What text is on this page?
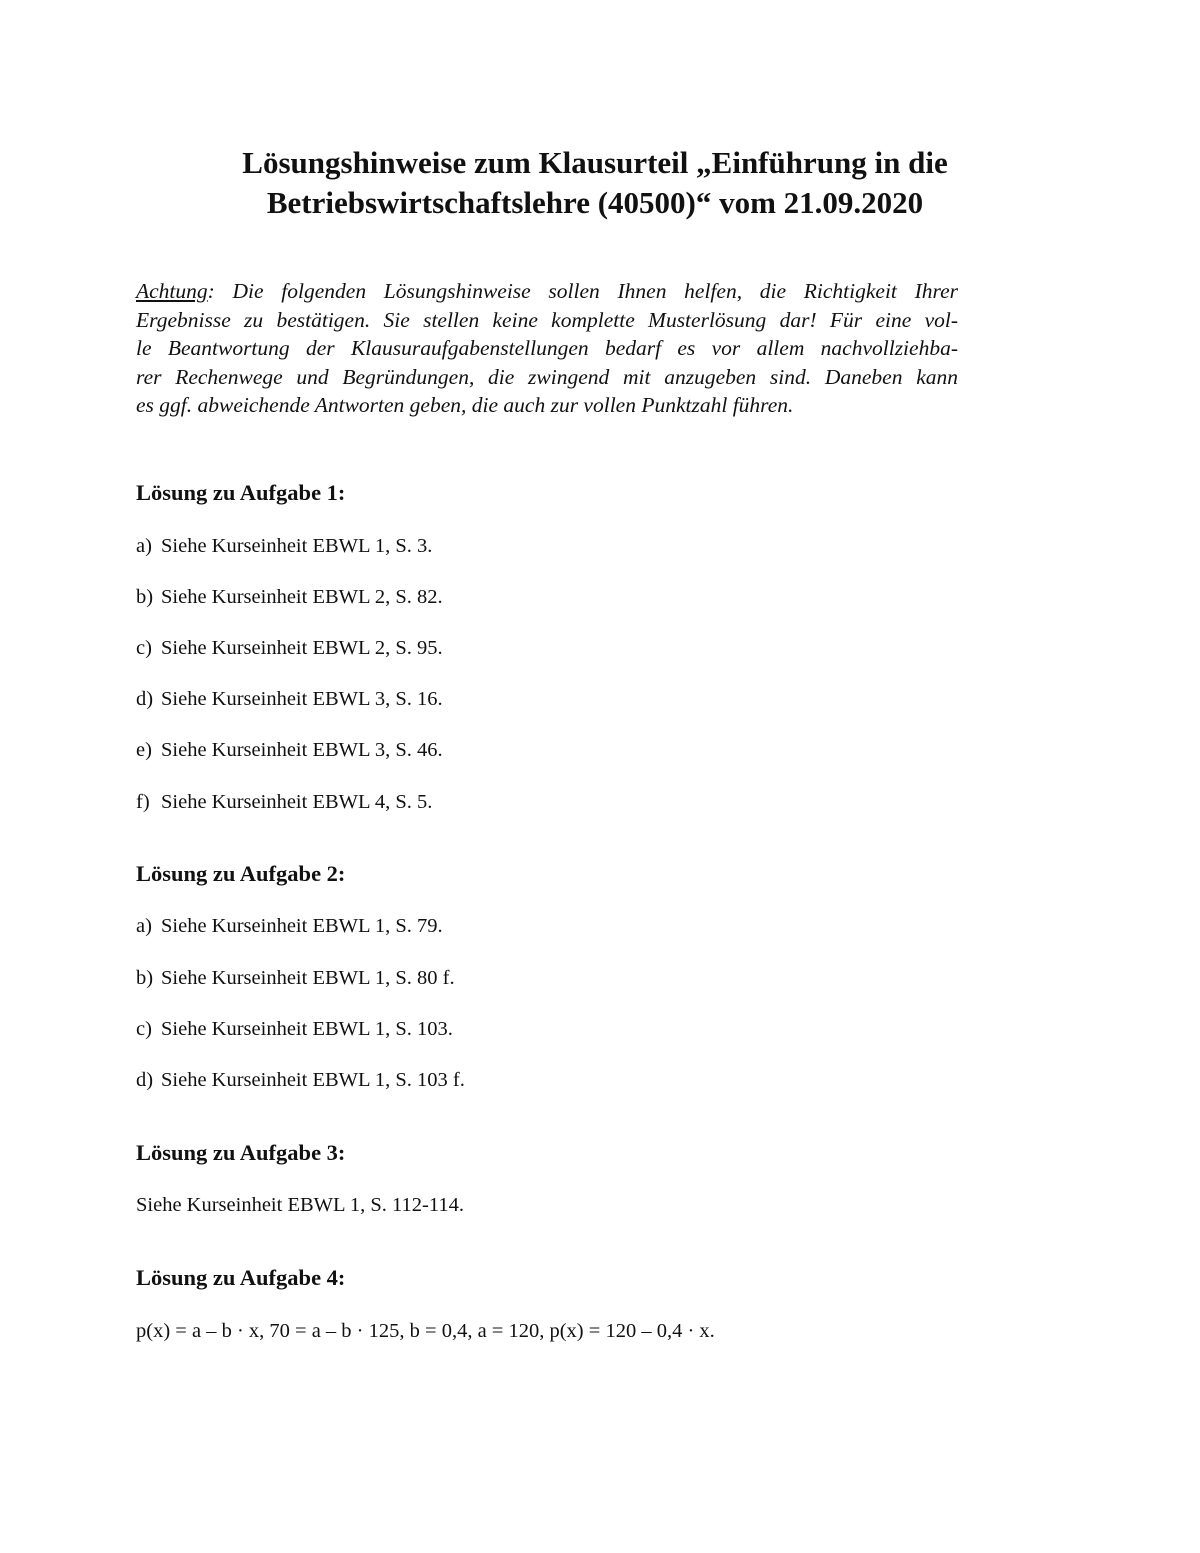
Lösungshinweise zum Klausurteil „Einführung in die
Betriebswirtschaftslehre (40500)“ vom 21.09.2020

Achtung: Die folgenden Lösungshinweise sollen Ihnen helfen, die Richtigkeit Ihrer
Ergebnisse zu bestätigen. Sie stellen keine komplette Musterlösung dar! Für eine vol-
le Beantwortung der Klausuraufgabenstellungen bedarf es vor allem nachvollziehba-
rer Rechenwege und Begründungen, die zwingend mit anzugeben sind. Daneben kann
es ggf. abweichende Antworten geben, die auch zur vollen Punktzahl führen.

Lösung zu Aufgabe 1:

a) Siehe Kurseinheit EBWL 1, S. 3.

b) Siehe Kurseinheit EBWL 2, S. 82.

c) Siehe Kurseinheit EBWL 2, S. 95.

d) Siehe Kurseinheit EBWL 3, S. 16.

e) Siehe Kurseinheit EBWL 3, S. 46.

f) Siehe Kurseinheit EBWL 4, S. 5.

Lösung zu Aufgabe 2:

a) Siehe Kurseinheit EBWL 1, S. 79.

b) Siehe Kurseinheit EBWL 1, S. 80 f.

c) Siehe Kurseinheit EBWL 1, S. 103.

d) Siehe Kurseinheit EBWL 1, S. 103 f.

Lösung zu Aufgabe 3:

Siehe Kurseinheit EBWL 1, S. 112-114.

Lösung zu Aufgabe 4:

p(x) = a – b · x, 70 = a – b · 125, b = 0,4, a = 120, p(x) = 120 – 0,4 · x.
